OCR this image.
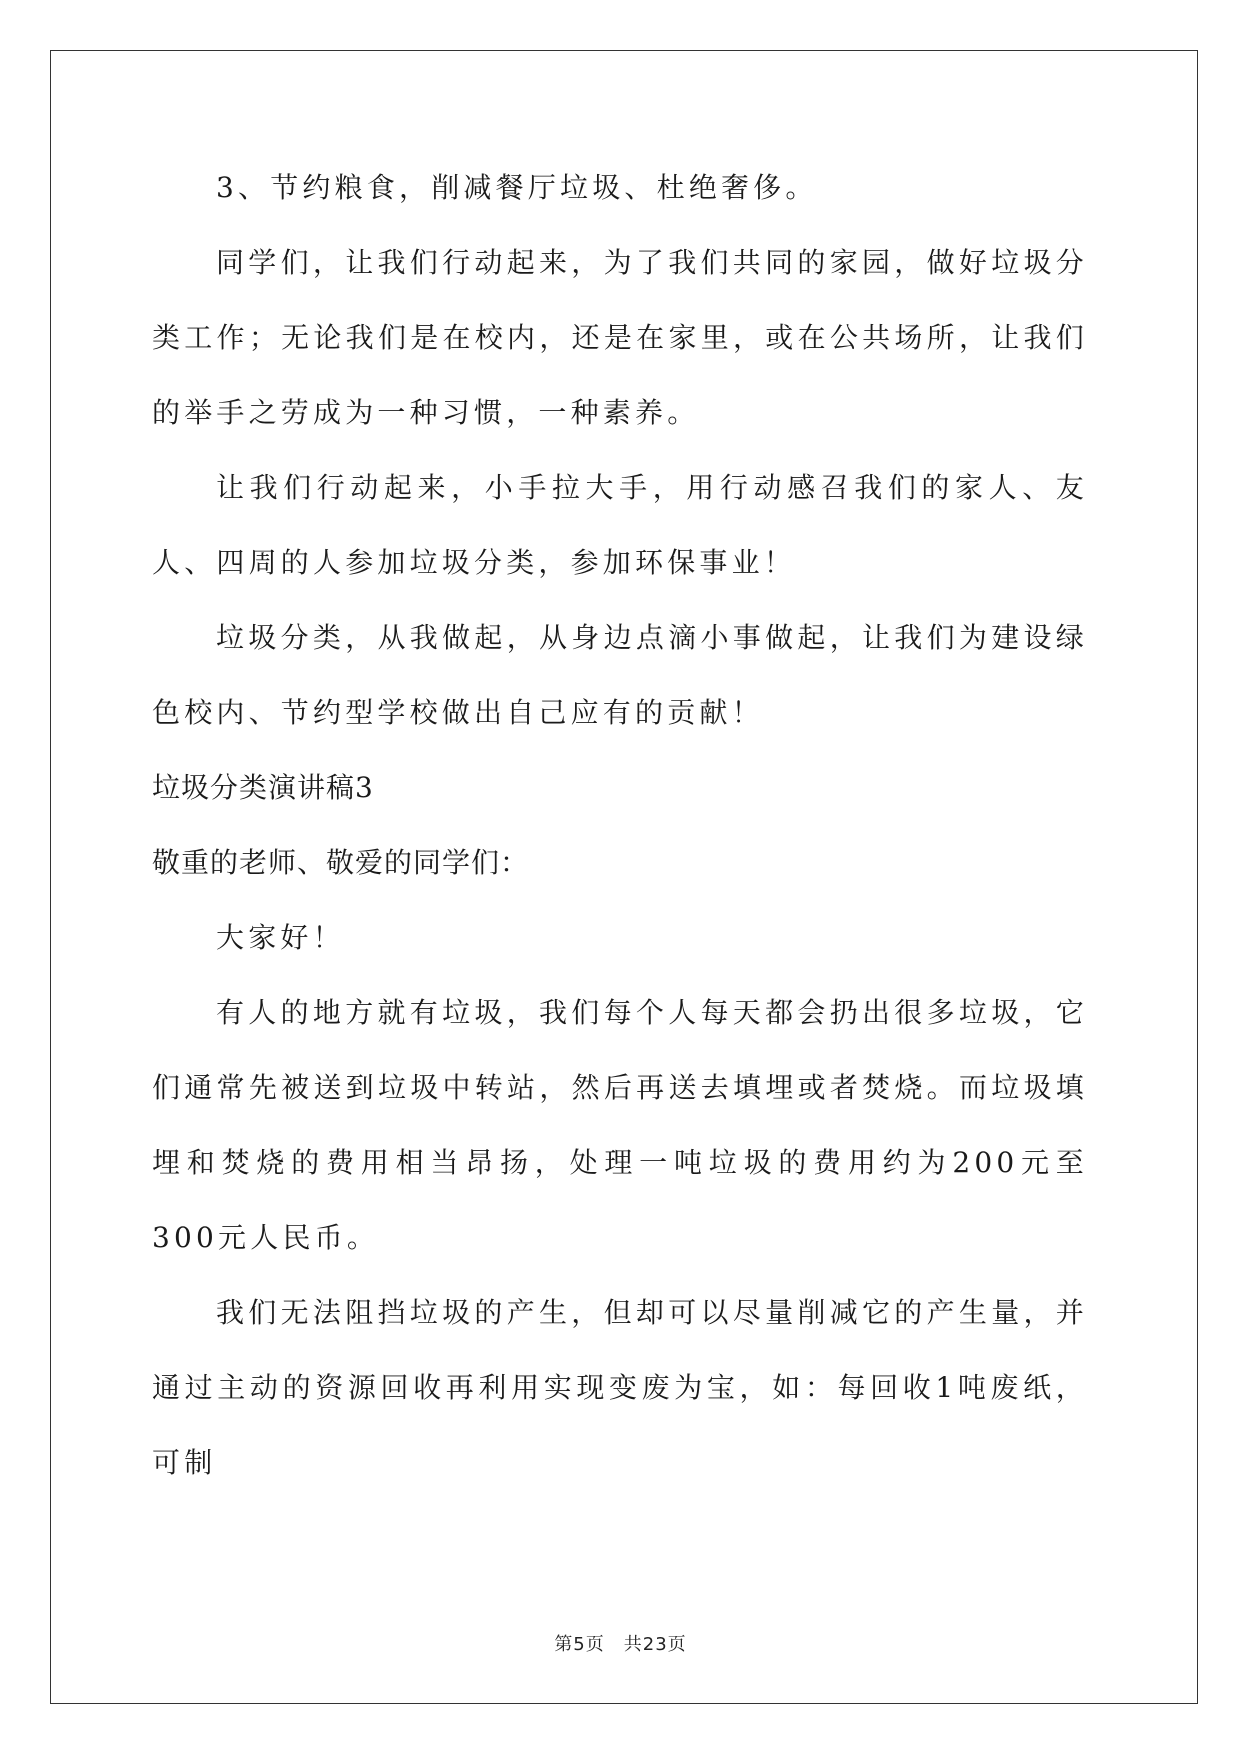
3、节约粮食，削减餐厅垃圾、杜绝奢侈。

同学们，让我们行动起来，为了我们共同的家园，做好垃圾分类工作；无论我们是在校内，还是在家里，或在公共场所，让我们的举手之劳成为一种习惯，一种素养。

让我们行动起来，小手拉大手，用行动感召我们的家人、友人、四周的人参加垃圾分类，参加环保事业！

垃圾分类，从我做起，从身边点滴小事做起，让我们为建设绿色校内、节约型学校做出自己应有的贡献！

垃圾分类演讲稿3

敬重的老师、敬爱的同学们：

大家好！

有人的地方就有垃圾，我们每个人每天都会扔出很多垃圾，它们通常先被送到垃圾中转站，然后再送去填埋或者焚烧。而垃圾填埋和焚烧的费用相当昂扬，处理一吨垃圾的费用约为200元至300元人民币。

我们无法阻挡垃圾的产生，但却可以尽量削减它的产生量，并通过主动的资源回收再利用实现变废为宝，如：每回收1吨废纸，可制

第5页　共23页
